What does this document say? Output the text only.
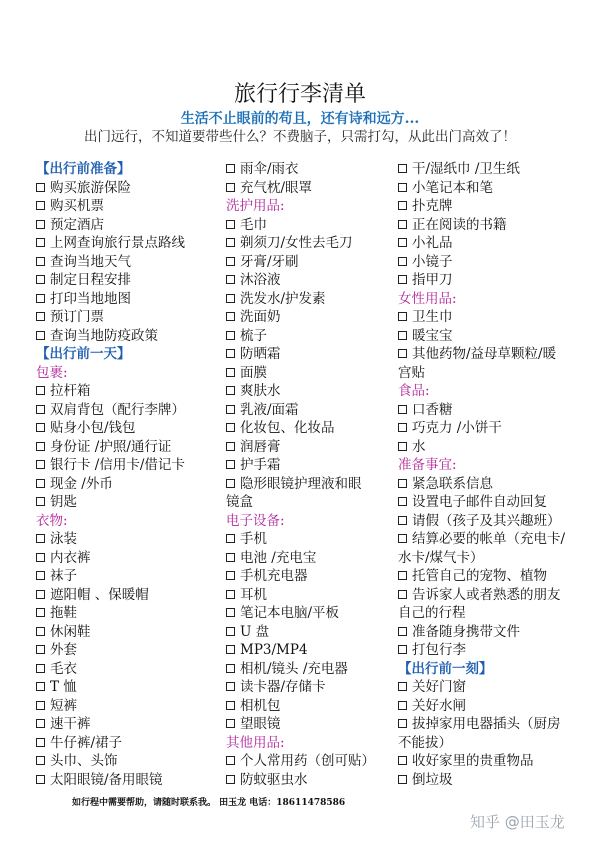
旅行行李清单
生活不止眼前的苟且，还有诗和远方...
出门远行，不知道要带些什么？不费脑子，只需打勾，从此出门高效了！
【出行前准备】
购买旅游保险
购买机票
预定酒店
上网查询旅行景点路线
查询当地天气
制定日程安排
打印当地地图
预订门票
查询当地防疫政策
【出行前一天】
包裹:
拉杆箱
双肩背包（配行李牌）
贴身小包/钱包
身份证 /护照/通行证
银行卡 /信用卡/借记卡
现金 /外币
钥匙
衣物:
泳装
内衣裤
袜子
遮阳帽 、保暖帽
拖鞋
休闲鞋
外套
毛衣
T 恤
短裤
速干裤
牛仔裤/裙子
头巾、头饰
太阳眼镜/备用眼镜
雨伞/雨衣
充气枕/眼罩
洗护用品:
毛巾
剃须刀/女性去毛刀
牙膏/牙刷
沐浴液
洗发水/护发素
洗面奶
梳子
防晒霜
面膜
爽肤水
乳液/面霜
化妆包、化妆品
润唇膏
护手霜
隐形眼镜护理液和眼
镜盒
电子设备:
手机
电池 /充电宝
手机充电器
耳机
笔记本电脑/平板
U 盘
MP3/MP4
相机/镜头 /充电器
读卡器/存储卡
相机包
望眼镜
其他用品:
个人常用药（创可贴）
防蚊驱虫水
干/湿纸巾 /卫生纸
小笔记本和笔
扑克牌
正在阅读的书籍
小礼品
小镜子
指甲刀
女性用品:
卫生巾
暖宝宝
其他药物/益母草颗粒/暖
宫贴
食品:
口香糖
巧克力 /小饼干
水
准备事宜:
紧急联系信息
设置电子邮件自动回复
请假（孩子及其兴趣班）
结算必要的帐单（充电卡/
水卡/煤气卡）
托管自己的宠物、植物
告诉家人或者熟悉的朋友
自己的行程
准备随身携带文件
打包行李
【出行前一刻】
关好门窗
关好水闸
拔掉家用电器插头（厨房
不能拔）
收好家里的贵重物品
倒垃圾
如行程中需要帮助，请随时联系我。 田玉龙 电话：18611478586
知乎 @田玉龙
